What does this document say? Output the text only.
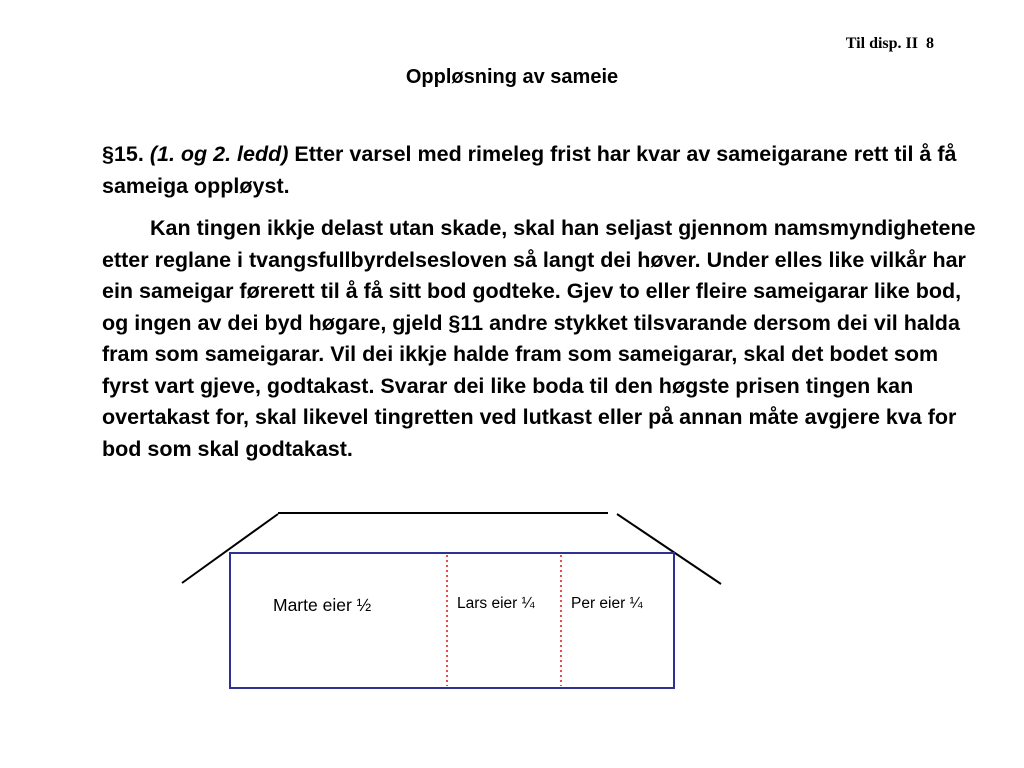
Til disp. II  8
Oppløsning av sameie

§15. (1. og 2. ledd) Etter varsel med rimeleg frist har kvar av sameigarane rett til å få sameiga oppløyst.

Kan tingen ikkje delast utan skade, skal han seljast gjennom namsmyndighetene etter reglane i tvangsfullbyrdelsesloven så langt dei høver. Under elles like vilkår har ein sameigar førerett til å få sitt bod godteke. Gjev to eller fleire sameigarar like bod, og ingen av dei byd høgare, gjeld §11 andre stykket tilsvarande dersom dei vil halda fram som sameigarar. Vil dei ikkje halde fram som sameigarar, skal det bodet som fyrst vart gjeve, godtakast. Svarar dei like boda til den høgste prisen tingen kan overtakast for, skal likevel tingretten ved lutkast eller på annan måte avgjere kva for bod som skal godtakast.

Marte eier ½	Lars eier ¼	Per eier ¼
